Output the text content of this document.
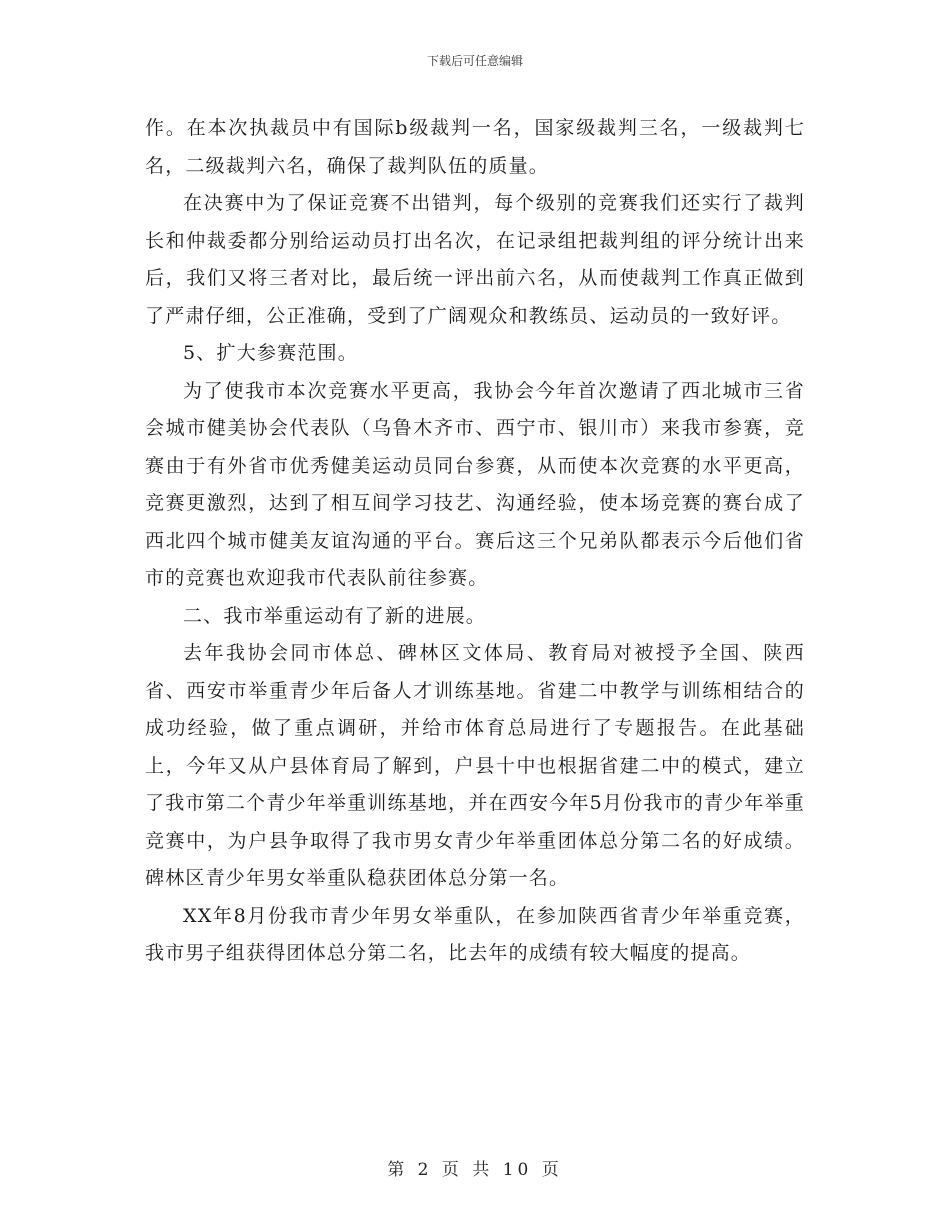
下载后可任意编辑

作。在本次执裁员中有国际b级裁判一名，国家级裁判三名，一级裁判七名，二级裁判六名，确保了裁判队伍的质量。

在决赛中为了保证竞赛不出错判，每个级别的竞赛我们还实行了裁判长和仲裁委都分别给运动员打出名次，在记录组把裁判组的评分统计出来后，我们又将三者对比，最后统一评出前六名，从而使裁判工作真正做到了严肃仔细，公正准确，受到了广阔观众和教练员、运动员的一致好评。

5、扩大参赛范围。

为了使我市本次竞赛水平更高，我协会今年首次邀请了西北城市三省会城市健美协会代表队（乌鲁木齐市、西宁市、银川市）来我市参赛，竞赛由于有外省市优秀健美运动员同台参赛，从而使本次竞赛的水平更高，竞赛更激烈，达到了相互间学习技艺、沟通经验，使本场竞赛的赛台成了西北四个城市健美友谊沟通的平台。赛后这三个兄弟队都表示今后他们省市的竞赛也欢迎我市代表队前往参赛。

二、我市举重运动有了新的进展。

去年我协会同市体总、碑林区文体局、教育局对被授予全国、陕西省、西安市举重青少年后备人才训练基地。省建二中教学与训练相结合的成功经验，做了重点调研，并给市体育总局进行了专题报告。在此基础上，今年又从户县体育局了解到，户县十中也根据省建二中的模式，建立了我市第二个青少年举重训练基地，并在西安今年5月份我市的青少年举重竞赛中，为户县争取得了我市男女青少年举重团体总分第二名的好成绩。碑林区青少年男女举重队稳获团体总分第一名。

XX年8月份我市青少年男女举重队，在参加陕西省青少年举重竞赛，我市男子组获得团体总分第二名，比去年的成绩有较大幅度的提高。

第 2 页 共 10 页
